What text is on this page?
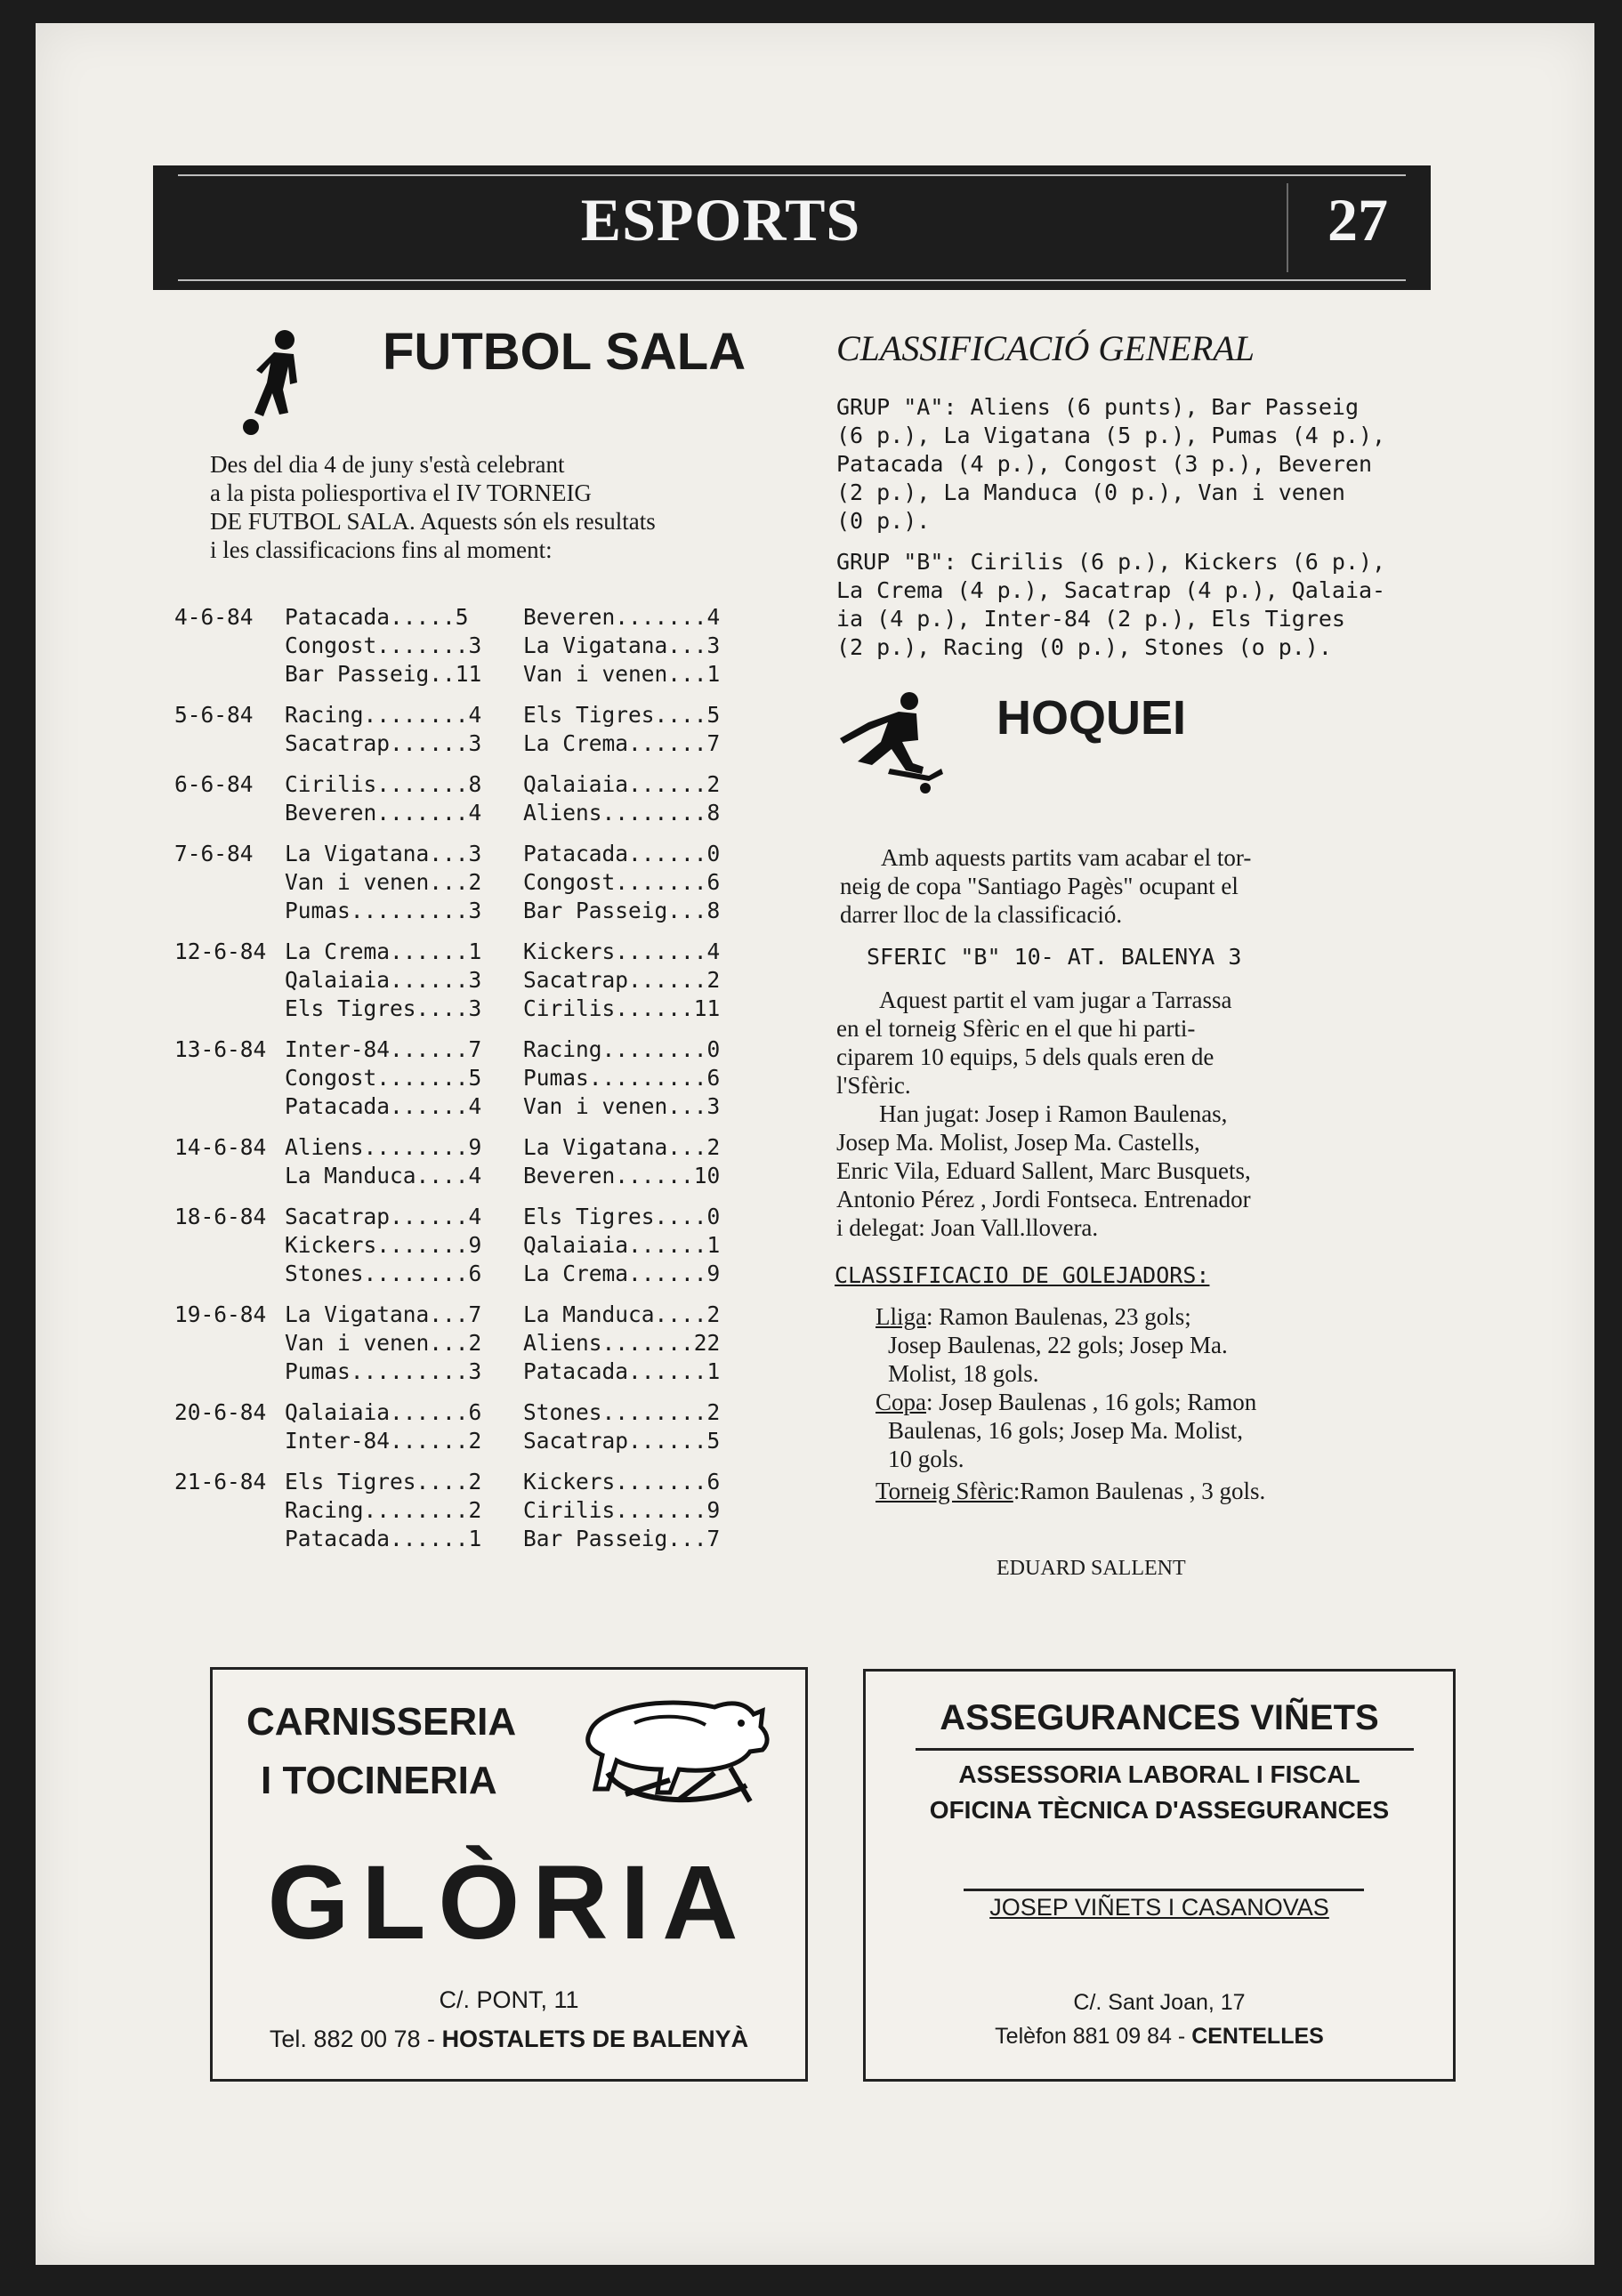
ESPORTS	27
FUTBOL SALA
Des del dia 4 de juny s'està celebrant
a la pista poliesportiva el IV TORNEIG
DE FUTBOL SALA. Aquests són els resultats
i les classificacions fins al moment:
4-6-84	Patacada.....5	Beveren.......4
Congost.......3 La Vigatana...3
Bar Passeig..11 Van i venen...1
5-6-84	Racing........4 Els Tigres....5
Sacatrap......3 La Crema......7
6-6-84	Cirilis.......8 Qalaiaia......2
Beveren.......4 Aliens........8
7-6-84	La Vigatana...3 Patacada......0
Van i venen...2 Congost.......6
Pumas.........3 Bar Passeig...8
12-6-84 La Crema......1 Kickers.......4
Qalaiaia......3 Sacatrap......2
Els Tigres....3 Cirilis......11
13-6-84 Inter-84......7 Racing........0
Congost.......5 Pumas.........6
Patacada......4 Van i venen...3
14-6-84 Aliens........9 La Vigatana...2
La Manduca....4 Beveren......10
18-6-84 Sacatrap......4 Els Tigres....0
Kickers.......9 Qalaiaia......1
Stones........6 La Crema......9
19-6-84 La Vigatana...7 La Manduca....2
Van i venen...2 Aliens.......22
Pumas.........3 Patacada......1
20-6-84 Qalaiaia......6 Stones........2
Inter-84......2 Sacatrap......5
21-6-84 Els Tigres....2 Kickers.......6
Racing........2 Cirilis.......9
Patacada......1 Bar Passeig...7
CLASSIFICACIÓ GENERAL
GRUP "A": Aliens (6 punts), Bar Passeig
(6 p.), La Vigatana (5 p.), Pumas (4 p.),
Patacada (4 p.), Congost (3 p.), Beveren
(2 p.), La Manduca (0 p.), Van i venen
(0 p.).
GRUP "B": Cirilis (6 p.), Kickers (6 p.),
La Crema (4 p.), Sacatrap (4 p.), Qalaia-
ia (4 p.), Inter-84 (2 p.), Els Tigres
(2 p.), Racing (0 p.), Stones (o p.).
HOQUEI
Amb aquests partits vam acabar el tor-
neig de copa "Santiago Pagès" ocupant el
darrer lloc de la classificació.
SFERIC "B" 10- AT. BALENYA 3
Aquest partit el vam jugar a Tarrassa
en el torneig Sfèric en el que hi parti-
ciparem 10 equips, 5 dels quals eren de
l'Sfèric.
Han jugat: Josep i Ramon Baulenas,
Josep Ma. Molist, Josep Ma. Castells,
Enric Vila, Eduard Sallent, Marc Busquets,
Antonio Pérez , Jordi Fontseca. Entrenador
i delegat: Joan Vall.llovera.
CLASSIFICACIO DE GOLEJADORS:
Lliga: Ramon Baulenas, 23 gols;
Josep Baulenas, 22 gols; Josep Ma.
Molist, 18 gols.
Copa: Josep Baulenas , 16 gols; Ramon
Baulenas, 16 gols; Josep Ma. Molist,
10 gols.
Torneig Sfèric:Ramon Baulenas , 3 gols.
EDUARD SALLENT
CARNISSERIA
I TOCINERIA
GLÒRIA
C/. PONT, 11
Tel. 882 00 78 - HOSTALETS DE BALENYÀ
ASSEGURANCES VIÑETS
ASSESSORIA LABORAL I FISCAL
OFICINA TÈCNICA D'ASSEGURANCES
JOSEP VIÑETS I CASANOVAS
C/. Sant Joan, 17
Telèfon 881 09 84 - CENTELLES
